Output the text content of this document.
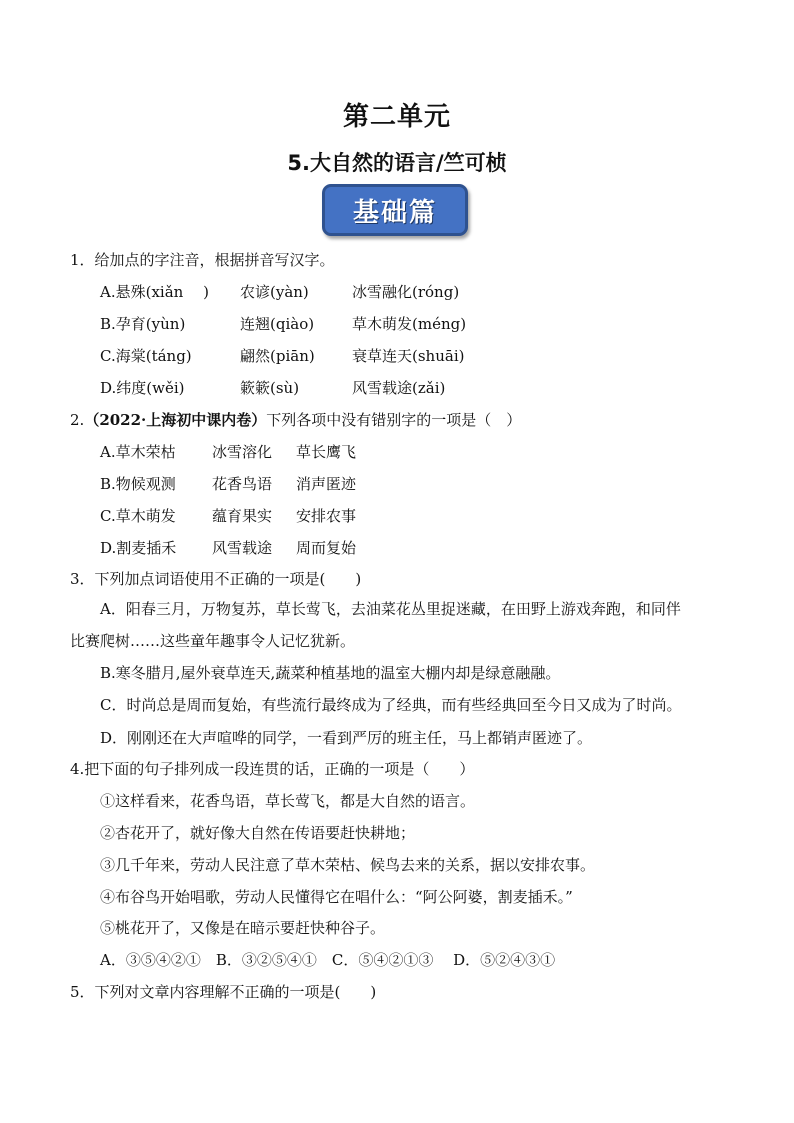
第二单元
5.大自然的语言/竺可桢
基础篇
1．给加点的字注音，根据拼音写汉字。
A.悬殊(xiǎn　 ) 农谚(yàn)	冰雪融化(róng)
B.孕育(yùn)	连翘(qiào)	草木萌发(méng)
C.海棠(táng)	翩然(piān) 衰草连天(shuāi)
D.纬度(wěi)	簌簌(sù)	风雪载途(zǎi)
2.（2022·上海初中课内卷）下列各项中没有错别字的一项是（　）
A.草木荣枯 冰雪溶化 草长鹰飞
B.物候观测 花香鸟语 消声匿迹
C.草木萌发 蕴育果实 安排农事
D.割麦插禾 风雪载途 周而复始
3．下列加点词语使用不正确的一项是(　　)
A．阳春三月，万物复苏，草长莺飞，去油菜花丛里捉迷藏，在田野上游戏奔跑，和同伴
比赛爬树……这些童年趣事令人记忆犹新。
B.寒冬腊月,屋外衰草连天,蔬菜种植基地的温室大棚内却是绿意融融。
C．时尚总是周而复始，有些流行最终成为了经典，而有些经典回至今日又成为了时尚。
D．刚刚还在大声喧哗的同学，一看到严厉的班主任，马上都销声匿迹了。
4.把下面的句子排列成一段连贯的话，正确的一项是（　　）
①这样看来，花香鸟语，草长莺飞，都是大自然的语言。
②杏花开了，就好像大自然在传语要赶快耕地；
③几千年来，劳动人民注意了草木荣枯、候鸟去来的关系，据以安排农事。
④布谷鸟开始唱歌，劳动人民懂得它在唱什么：“阿公阿婆，割麦插禾。”
⑤桃花开了，又像是在暗示要赶快种谷子。
A．③⑤④②①　B．③②⑤④①　C．⑤④②①③　 D．⑤②④③①
5．下列对文章内容理解不正确的一项是(　　)
